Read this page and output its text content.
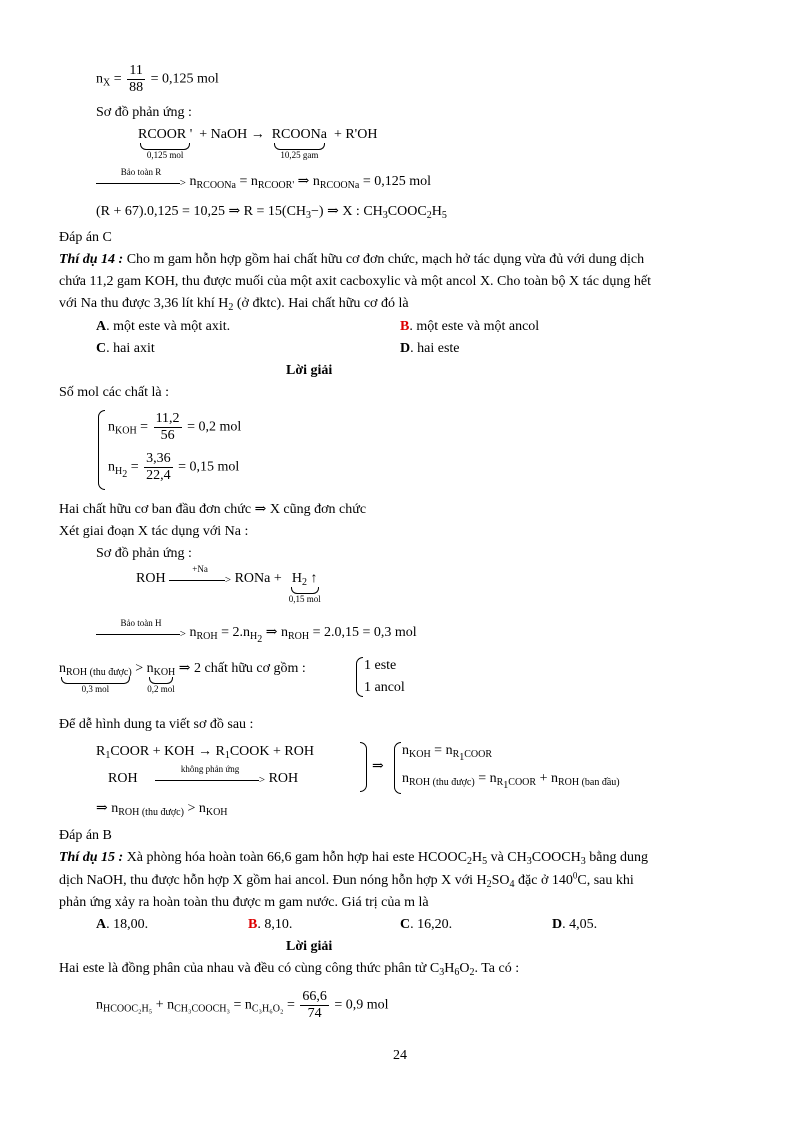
$n_X = \frac{11}{88} = 0,125$ mol
Sơ đồ phản ứng :
RCOOR '
0,125 mol
+ NaOH → RCOONa
10,25 gam
+ R'OH
Bảo toàn R
> $n_{RCOONa} = n_{RCOOR'}$ ⇒ $n_{RCOONa} = 0,125$ mol
(R + 67).0,125 = 10,25 ⇒ $R = 15(CH_3-)$ ⇒ X : $CH_3COOC_2H_5$
Đáp án C
Thí dụ 14 : Cho m gam hỗn hợp gồm hai chất hữu cơ đơn chức, mạch hở tác dụng vừa đủ với dung dịch
chứa 11,2 gam KOH, thu được muối của một axit cacboxylic và một ancol X. Cho toàn bộ X tác dụng hết
với Na thu được 3,36 lít khí $H_2$ (ở đktc). Hai chất hữu cơ đó là
A. một este và một axit.	B. một este và một ancol
C. hai axit	D. hai este
Lời giải
Số mol các chất là :
$n_{KOH} = \frac{11,2}{56} = 0,2$ mol
$n_{H_2} = \frac{3,36}{22,4} = 0,15$ mol
Hai chất hữu cơ ban đầu đơn chức ⇒ X cũng đơn chức
Xét giai đoạn X tác dụng với Na :
Sơ đồ phản ứng :
ROH
+Na
> RONa + $H_2$ ↑
0,15 mol
Bảo toàn H
> $n_{ROH} = 2.n_{H_2}$ ⇒ $n_{ROH} = 2.0,15 = 0,3$ mol
$n_{ROH (thu được)}$
0,3 mol
> $n_{KOH}$
0,2 mol
⇒ 2 chất hữu cơ gồm :	1 este
1 ancol
Để dễ hình dung ta viết sơ đồ sau :
$R_1COOR$ + KOH → $R_1COOK$ + ROH
ROH
không phản ứng
> ROH
⇒
$n_{KOH} = n_{R_1COOR}$
$n_{ROH (thu được)} = n_{R_1COOR} + n_{ROH (ban đầu)}$
⇒ $n_{ROH (thu được)} > n_{KOH}$
Đáp án B
Thí dụ 15 : Xà phòng hóa hoàn toàn 66,6 gam hỗn hợp hai este $HCOOC_2H_5$ và $CH_3COOCH_3$ bằng dung
dịch NaOH, thu được hỗn hợp X gồm hai ancol. Đun nóng hỗn hợp X với $H_2SO_4$ đặc ở $140^0C$, sau khi
phản ứng xảy ra hoàn toàn thu được m gam nước. Giá trị của m là
A. 18,00.	B. 8,10.	C. 16,20.	D. 4,05.
Lời giải
Hai este là đồng phân của nhau và đều có cùng công thức phân tử $C_3H_6O_2$. Ta có :
$n_{HCOOC_2H_5} + n_{CH_3COOCH_3} = n_{C_3H_6O_2} = \frac{66,6}{74} = 0,9$ mol
24
